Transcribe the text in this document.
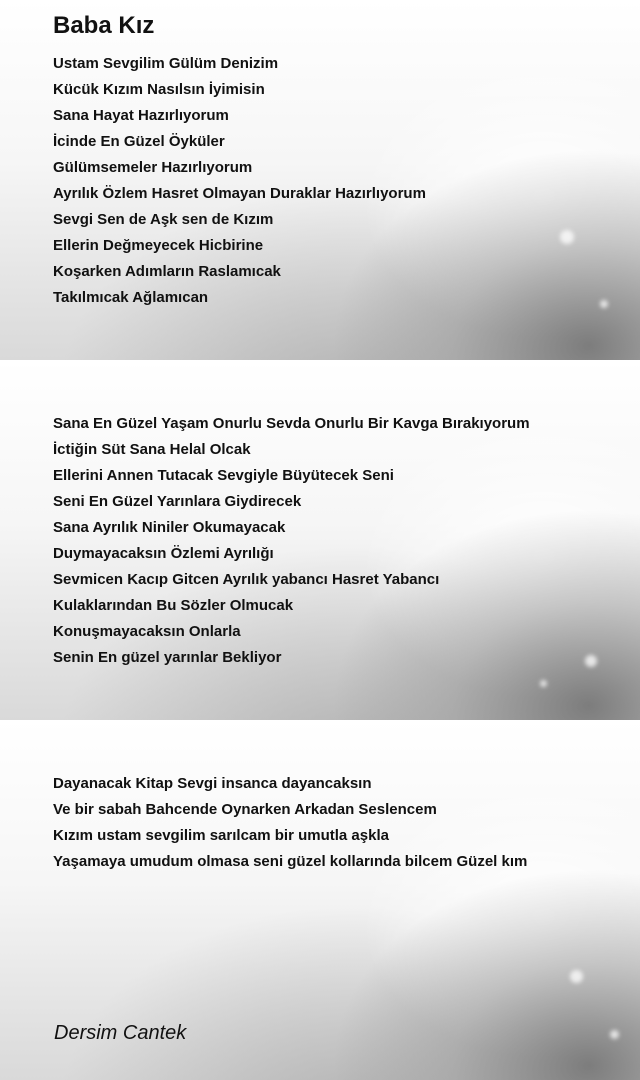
Baba Kız
Ustam Sevgilim Gülüm Denizim
Kücük Kızım Nasılsın İyimisin
Sana Hayat Hazırlıyorum
İcinde En Güzel Öyküler
Gülümsemeler Hazırlıyorum
Ayrılık Özlem Hasret Olmayan Duraklar Hazırlıyorum
Sevgi Sen de Aşk sen de Kızım
Ellerin Değmeyecek Hicbirine
Koşarken Adımların Raslamıcak
Takılmıcak Ağlamıcan
Sana En Güzel Yaşam Onurlu Sevda Onurlu Bir Kavga Bırakıyorum
İctiğin Süt Sana Helal Olcak
Ellerini Annen Tutacak Sevgiyle Büyütecek Seni
Seni En Güzel Yarınlara Giydirecek
Sana Ayrılık Niniler Okumayacak
Duymayacaksın Özlemi Ayrılığı
Sevmicen Kacıp Gitcen Ayrılık yabancı Hasret Yabancı
Kulaklarından Bu Sözler Olmucak
Konuşmayacaksın Onlarla
Senin En güzel yarınlar Bekliyor
Dayanacak Kitap Sevgi insanca dayancaksın
Ve bir sabah Bahcende Oynarken Arkadan Seslencem
Kızım ustam sevgilim sarılcam bir umutla aşkla
Yaşamaya umudum olmasa seni güzel kollarında bilcem Güzel kım
Dersim Cantek
